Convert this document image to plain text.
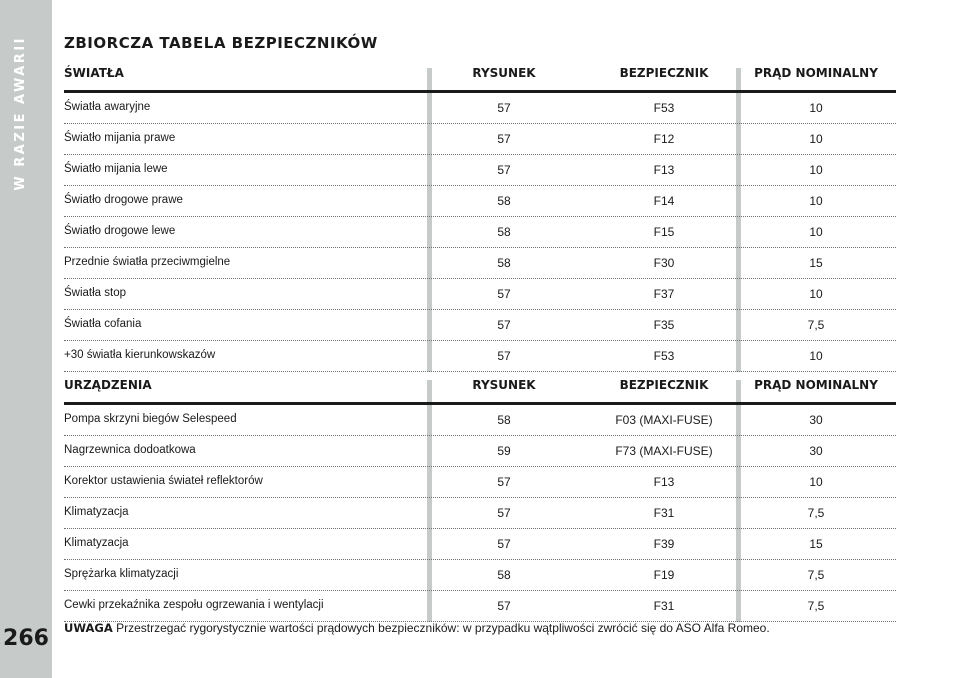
W RAZIE AWARII
266
ZBIORCZA TABELA BEZPIECZNIKÓW
ŚWIATŁA	RYSUNEK	BEZPIECZNIK	PRĄD NOMINALNY
Światła awaryjne	57	F53	10
Światło mijania prawe	57	F12	10
Światło mijania lewe	57	F13	10
Światło drogowe prawe	58	F14	10
Światło drogowe lewe	58	F15	10
Przednie światła przeciwmgielne	58	F30	15
Światła stop	57	F37	10
Światła cofania	57	F35	7,5
+30 światła kierunkowskazów	57	F53	10
URZĄDZENIA	RYSUNEK	BEZPIECZNIK	PRĄD NOMINALNY
Pompa skrzyni biegów Selespeed	58	F03 (MAXI-FUSE)	30
Nagrzewnica dodoatkowa	59	F73 (MAXI-FUSE)	30
Korektor ustawienia świateł reflektorów	57	F13	10
Klimatyzacja	57	F31	7,5
Klimatyzacja	57	F39	15
Sprężarka klimatyzacji	58	F19	7,5
Cewki przekaźnika zespołu ogrzewania i wentylacji	57	F31	7,5
UWAGA Przestrzegać rygorystycznie wartości prądowych bezpieczników: w przypadku wątpliwości zwrócić się do ASO Alfa Romeo.
